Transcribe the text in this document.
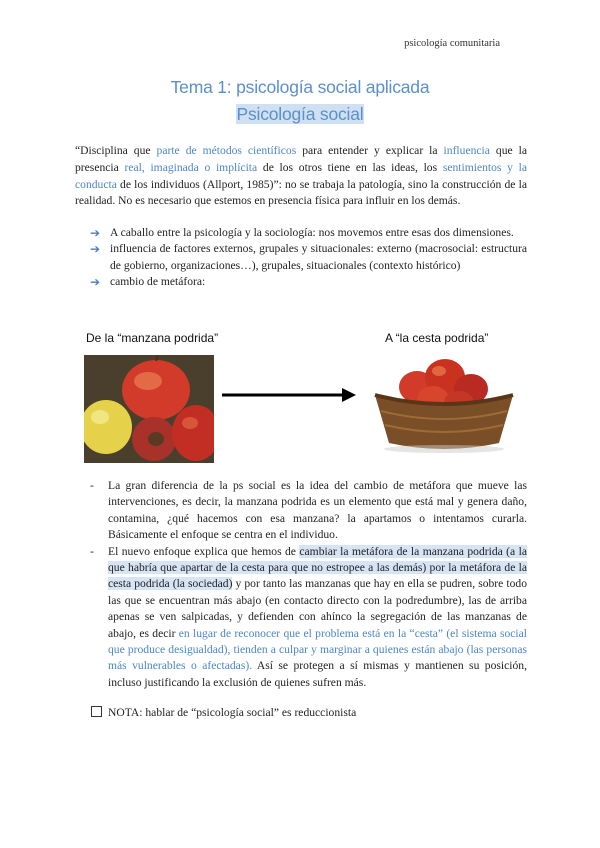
psicología comunitaria
Tema 1: psicología social aplicada
Psicología social
“Disciplina que parte de métodos científicos para entender y explicar la influencia que la presencia real, imaginada o implícita de los otros tiene en las ideas, los sentimientos y la conducta de los individuos (Allport, 1985)”: no se trabaja la patología, sino la construcción de la realidad. No es necesario que estemos en presencia física para influir en los demás.
➔ A caballo entre la psicología y la sociología: nos movemos entre esas dos dimensiones.
➔ influencia de factores externos, grupales y situacionales: externo (macrosocial: estructura de gobierno, organizaciones…), grupales, situacionales (contexto histórico)
➔ cambio de metáfora:
De la “manzana podrida”	A “la cesta podrida”
- La gran diferencia de la ps social es la idea del cambio de metáfora que mueve las intervenciones, es decir, la manzana podrida es un elemento que está mal y genera daño, contamina, ¿qué hacemos con esa manzana? la apartamos o intentamos curarla. Básicamente el enfoque se centra en el individuo.
- El nuevo enfoque explica que hemos de cambiar la metáfora de la manzana podrida (a la que habría que apartar de la cesta para que no estropee a las demás) por la metáfora de la cesta podrida (la sociedad) y por tanto las manzanas que hay en ella se pudren, sobre todo las que se encuentran más abajo (en contacto directo con la podredumbre), las de arriba apenas se ven salpicadas, y defienden con ahínco la segregación de las manzanas de abajo, es decir en lugar de reconocer que el problema está en la “cesta” (el sistema social que produce desigualdad), tienden a culpar y marginar a quienes están abajo (las personas más vulnerables o afectadas). Así se protegen a sí mismas y mantienen su posición, incluso justificando la exclusión de quienes sufren más.
NOTA: hablar de “psicología social” es reduccionista
